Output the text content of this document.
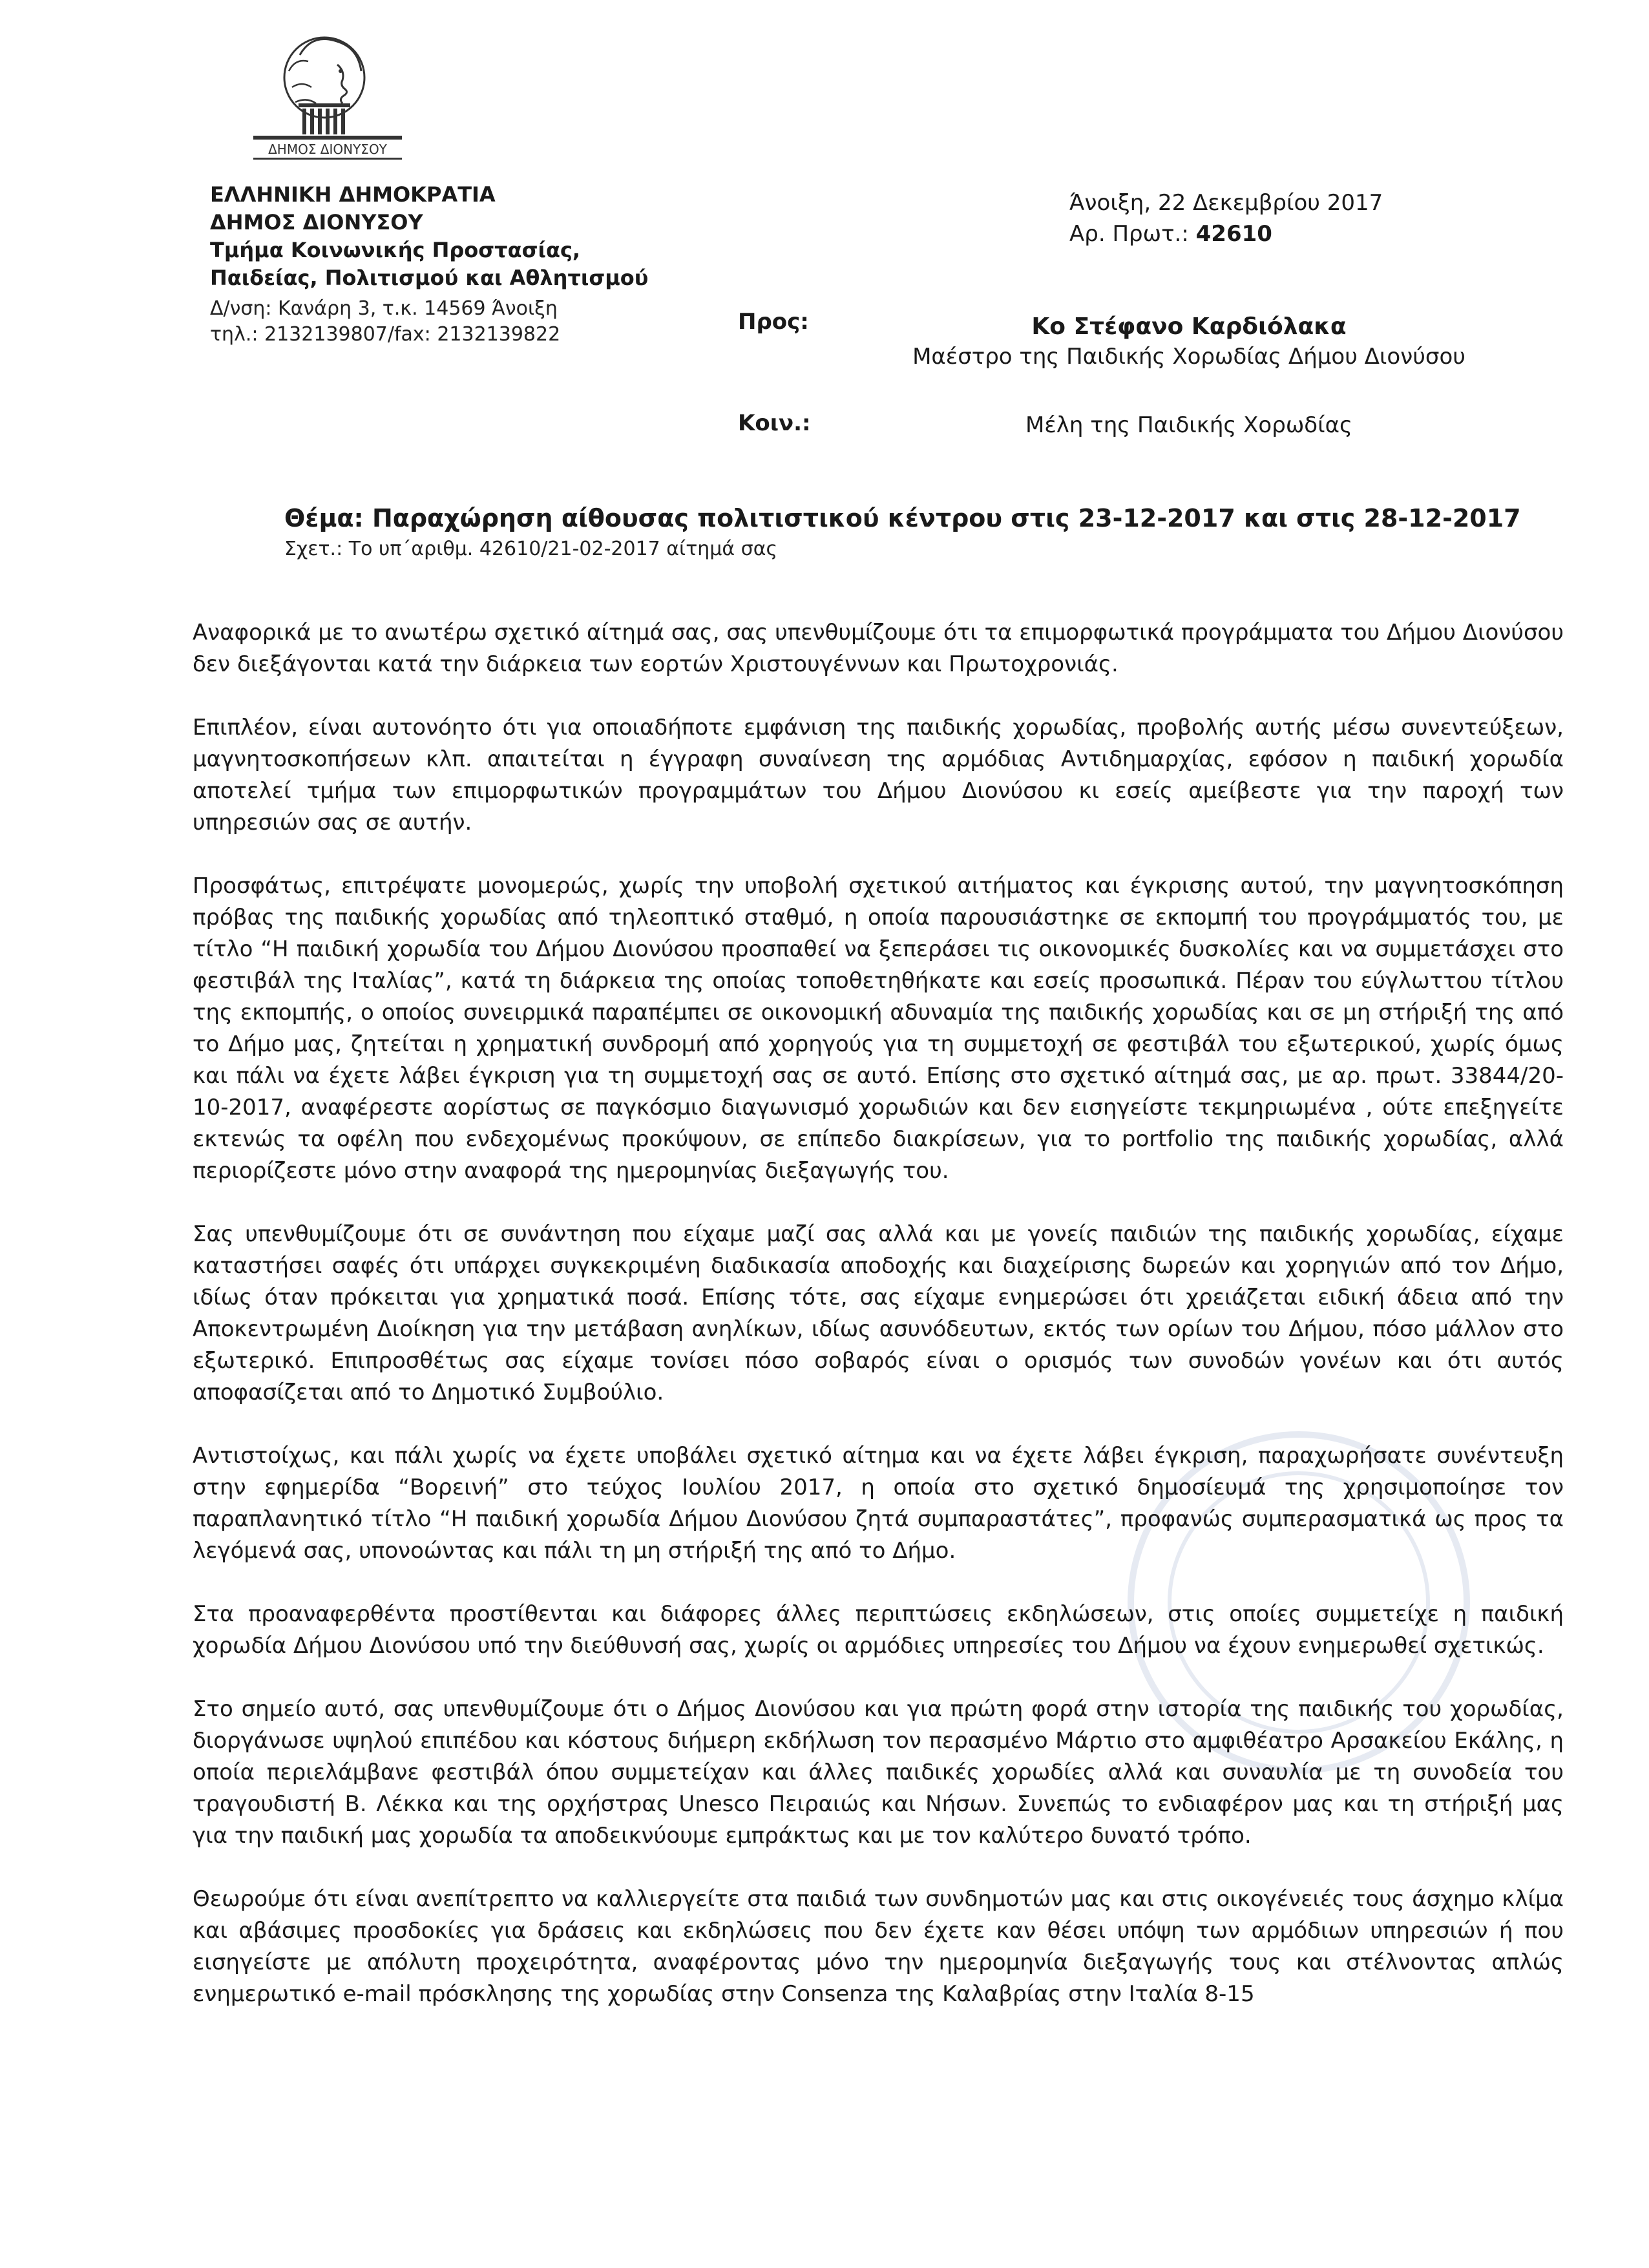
ΔΗΜΟΣ ΔΙΟΝΥΣΟΥ
ΕΛΛΗΝΙΚΗ ΔΗΜΟΚΡΑΤΙΑ
ΔΗΜΟΣ ΔΙΟΝΥΣΟΥ
Τμήμα Κοινωνικής Προστασίας,
Παιδείας, Πολιτισμού και Αθλητισμού
Δ/νση: Κανάρη 3, τ.κ. 14569 Άνοιξη
τηλ.: 2132139807/fax: 2132139822
Άνοιξη, 22 Δεκεμβρίου 2017
Αρ. Πρωτ.: 42610
Προς:	Κο Στέφανο Καρδιόλακα
Μαέστρο της Παιδικής Χορωδίας Δήμου Διονύσου
Κοιν.:	Μέλη της Παιδικής Χορωδίας
Θέμα: Παραχώρηση αίθουσας πολιτιστικού κέντρου στις 23-12-2017 και στις 28-12-2017
Σχετ.: Το υπ΄αριθμ. 42610/21-02-2017 αίτημά σας

Αναφορικά με το ανωτέρω σχετικό αίτημά σας, σας υπενθυμίζουμε ότι τα επιμορφωτικά προγράμματα του Δήμου Διονύσου δεν διεξάγονται κατά την διάρκεια των εορτών Χριστουγέννων και Πρωτοχρονιάς.

Επιπλέον, είναι αυτονόητο ότι για οποιαδήποτε εμφάνιση της παιδικής χορωδίας, προβολής αυτής μέσω συνεντεύξεων, μαγνητοσκοπήσεων κλπ. απαιτείται η έγγραφη συναίνεση της αρμόδιας Αντιδημαρχίας, εφόσον η παιδική χορωδία αποτελεί τμήμα των επιμορφωτικών προγραμμάτων του Δήμου Διονύσου κι εσείς αμείβεστε για την παροχή των υπηρεσιών σας σε αυτήν.

Προσφάτως, επιτρέψατε μονομερώς, χωρίς την υποβολή σχετικού αιτήματος και έγκρισης αυτού, την μαγνητοσκόπηση πρόβας της παιδικής χορωδίας από τηλεοπτικό σταθμό, η οποία παρουσιάστηκε σε εκπομπή του προγράμματός του, με τίτλο “Η παιδική χορωδία του Δήμου Διονύσου προσπαθεί να ξεπεράσει τις οικονομικές δυσκολίες και να συμμετάσχει στο φεστιβάλ της Ιταλίας”, κατά τη διάρκεια της οποίας τοποθετηθήκατε και εσείς προσωπικά. Πέραν του εύγλωττου τίτλου της εκπομπής, ο οποίος συνειρμικά παραπέμπει σε οικονομική αδυναμία της παιδικής χορωδίας και σε μη στήριξή της από το Δήμο μας, ζητείται η χρηματική συνδρομή από χορηγούς για τη συμμετοχή σε φεστιβάλ του εξωτερικού, χωρίς όμως και πάλι να έχετε λάβει έγκριση για τη συμμετοχή σας σε αυτό. Επίσης στο σχετικό αίτημά σας, με αρ. πρωτ. 33844/20-10-2017, αναφέρεστε αορίστως σε παγκόσμιο διαγωνισμό χορωδιών και δεν εισηγείστε τεκμηριωμένα , ούτε επεξηγείτε εκτενώς τα οφέλη που ενδεχομένως προκύψουν, σε επίπεδο διακρίσεων, για το portfolio της παιδικής χορωδίας, αλλά περιορίζεστε μόνο στην αναφορά της ημερομηνίας διεξαγωγής του.

Σας υπενθυμίζουμε ότι σε συνάντηση που είχαμε μαζί σας αλλά και με γονείς παιδιών της παιδικής χορωδίας, είχαμε καταστήσει σαφές ότι υπάρχει συγκεκριμένη διαδικασία αποδοχής και διαχείρισης δωρεών και χορηγιών από τον Δήμο, ιδίως όταν πρόκειται για χρηματικά ποσά. Επίσης τότε, σας είχαμε ενημερώσει ότι χρειάζεται ειδική άδεια από την Αποκεντρωμένη Διοίκηση για την μετάβαση ανηλίκων, ιδίως ασυνόδευτων, εκτός των ορίων του Δήμου, πόσο μάλλον στο εξωτερικό. Επιπροσθέτως σας είχαμε τονίσει πόσο σοβαρός είναι ο ορισμός των συνοδών γονέων και ότι αυτός αποφασίζεται από το Δημοτικό Συμβούλιο.

Αντιστοίχως, και πάλι χωρίς να έχετε υποβάλει σχετικό αίτημα και να έχετε λάβει έγκριση, παραχωρήσατε συνέντευξη στην εφημερίδα “Βορεινή” στο τεύχος Ιουλίου 2017, η οποία στο σχετικό δημοσίευμά της χρησιμοποίησε τον παραπλανητικό τίτλο “Η παιδική χορωδία Δήμου Διονύσου ζητά συμπαραστάτες”, προφανώς συμπερασματικά ως προς τα λεγόμενά σας, υπονοώντας και πάλι τη μη στήριξή της από το Δήμο.

Στα προαναφερθέντα προστίθενται και διάφορες άλλες περιπτώσεις εκδηλώσεων, στις οποίες συμμετείχε η παιδική χορωδία Δήμου Διονύσου υπό την διεύθυνσή σας, χωρίς οι αρμόδιες υπηρεσίες του Δήμου να έχουν ενημερωθεί σχετικώς.

Στο σημείο αυτό, σας υπενθυμίζουμε ότι ο Δήμος Διονύσου και για πρώτη φορά στην ιστορία της παιδικής του χορωδίας, διοργάνωσε υψηλού επιπέδου και κόστους διήμερη εκδήλωση τον περασμένο Μάρτιο στο αμφιθέατρο Αρσακείου Εκάλης, η οποία περιελάμβανε φεστιβάλ όπου συμμετείχαν και άλλες παιδικές χορωδίες αλλά και συναυλία με τη συνοδεία του τραγουδιστή Β. Λέκκα και της ορχήστρας Unesco Πειραιώς και Νήσων. Συνεπώς το ενδιαφέρον μας και τη στήριξή μας για την παιδική μας χορωδία τα αποδεικνύουμε εμπράκτως και με τον καλύτερο δυνατό τρόπο.

Θεωρούμε ότι είναι ανεπίτρεπτο να καλλιεργείτε στα παιδιά των συνδημοτών μας και στις οικογένειές τους άσχημο κλίμα και αβάσιμες προσδοκίες για δράσεις και εκδηλώσεις που δεν έχετε καν θέσει υπόψη των αρμόδιων υπηρεσιών ή που εισηγείστε με απόλυτη προχειρότητα, αναφέροντας μόνο την ημερομηνία διεξαγωγής τους και στέλνοντας απλώς ενημερωτικό e-mail πρόσκλησης της χορωδίας στην Consenza της Καλαβρίας στην Ιταλία 8-15
